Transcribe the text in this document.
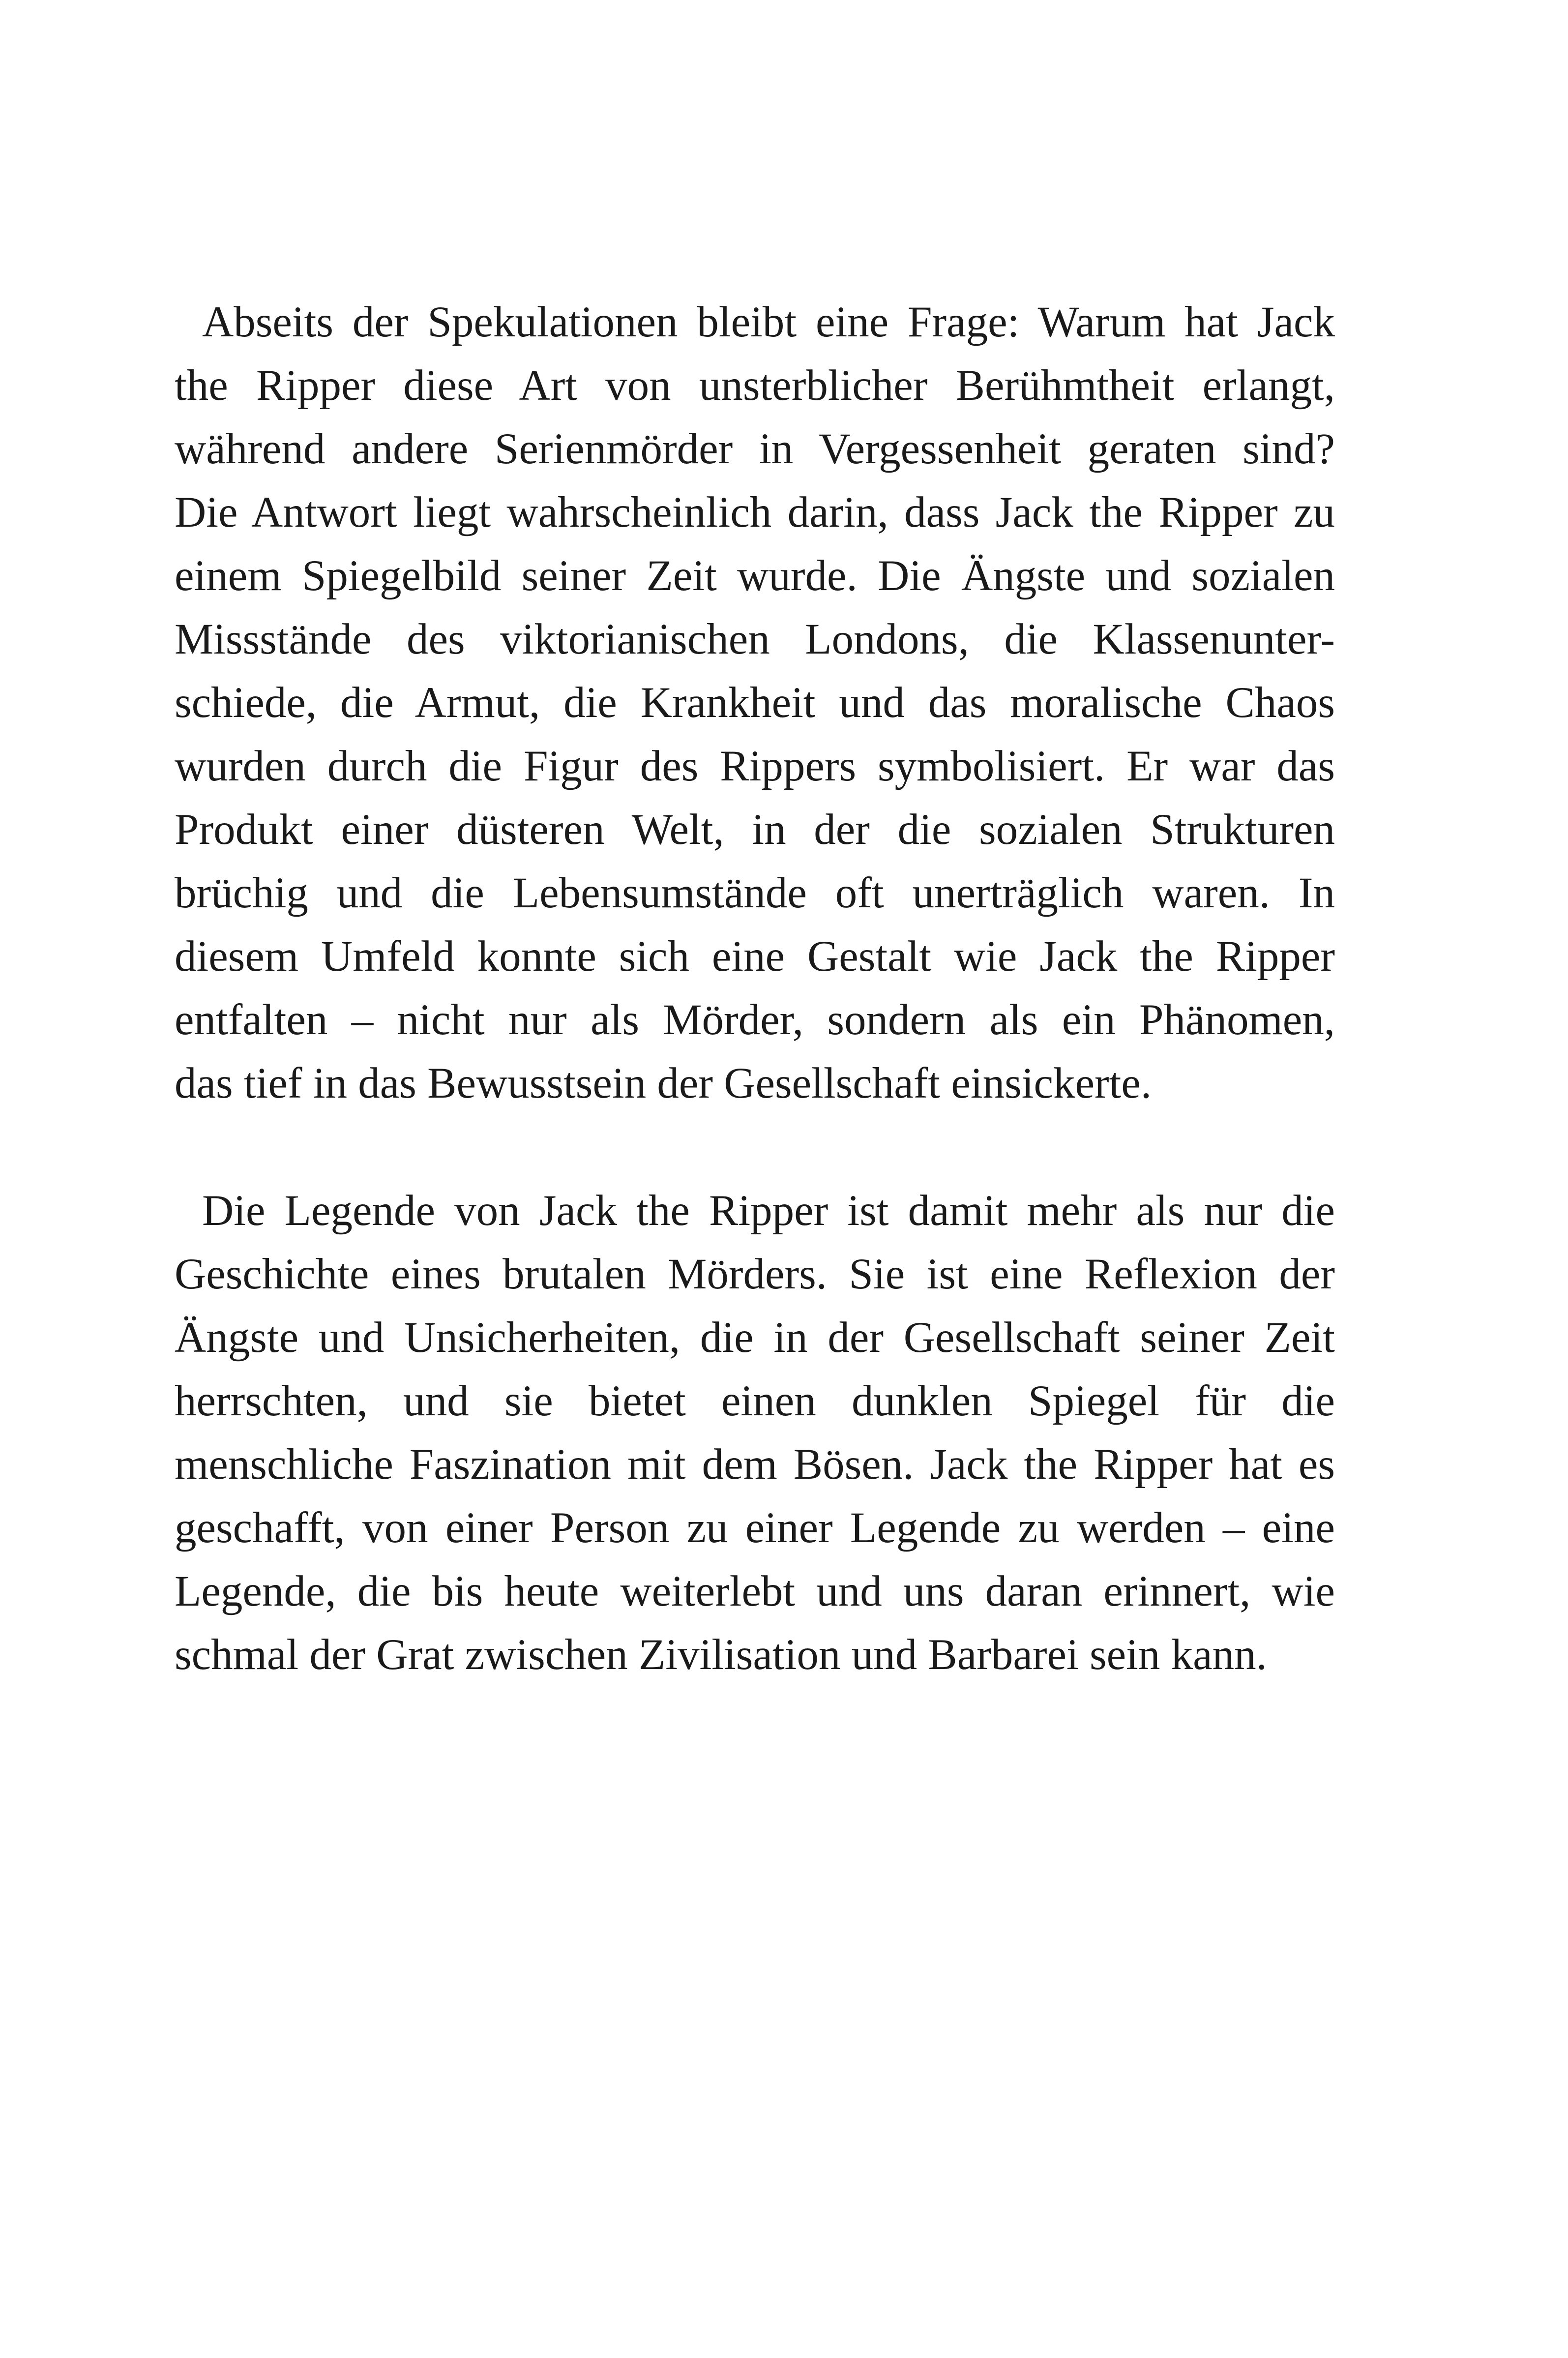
Abseits der Spekulationen bleibt eine Frage: Warum hat Jack
the Ripper diese Art von unsterblicher Berühmtheit erlangt,
während andere Serienmörder in Vergessenheit geraten sind?
Die Antwort liegt wahrscheinlich darin, dass Jack the Ripper zu
einem Spiegelbild seiner Zeit wurde. Die Ängste und sozialen
Missstände des viktorianischen Londons, die Klassenunter-
schiede, die Armut, die Krankheit und das moralische Chaos
wurden durch die Figur des Rippers symbolisiert. Er war das
Produkt einer düsteren Welt, in der die sozialen Strukturen
brüchig und die Lebensumstände oft unerträglich waren. In
diesem Umfeld konnte sich eine Gestalt wie Jack the Ripper
entfalten – nicht nur als Mörder, sondern als ein Phänomen,
das tief in das Bewusstsein der Gesellschaft einsickerte.
Die Legende von Jack the Ripper ist damit mehr als nur die
Geschichte eines brutalen Mörders. Sie ist eine Reflexion der
Ängste und Unsicherheiten, die in der Gesellschaft seiner Zeit
herrschten, und sie bietet einen dunklen Spiegel für die
menschliche Faszination mit dem Bösen. Jack the Ripper hat es
geschafft, von einer Person zu einer Legende zu werden – eine
Legende, die bis heute weiterlebt und uns daran erinnert, wie
schmal der Grat zwischen Zivilisation und Barbarei sein kann.
